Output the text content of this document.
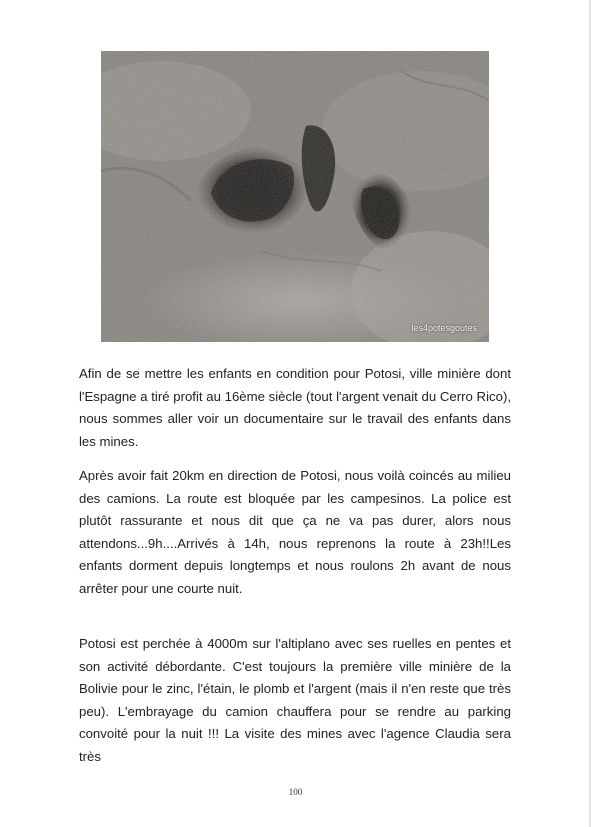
les4potesgoutes

Afin de se mettre les enfants en condition pour Potosi, ville minière dont l'Espagne a tiré profit au 16ème siècle (tout l'argent venait du Cerro Rico), nous sommes aller voir un documentaire sur le travail des enfants dans les mines.

Après avoir fait 20km en direction de Potosi, nous voilà coincés au milieu des camions. La route est bloquée par les campesinos. La police est plutôt rassurante et nous dit que ça ne va pas durer, alors nous attendons...9h....Arrivés à 14h, nous reprenons la route à 23h!!Les enfants dorment depuis longtemps et nous roulons 2h avant de nous arrêter pour une courte nuit.

Potosi est perchée à 4000m sur l'altiplano avec ses ruelles en pentes et son activité débordante. C'est toujours la première ville minière de la Bolivie pour le zinc, l'étain, le plomb et l'argent (mais il n'en reste que très peu). L'embrayage du camion chauffera pour se rendre au parking convoité pour la nuit !!! La visite des mines avec l'agence Claudia sera très

100
